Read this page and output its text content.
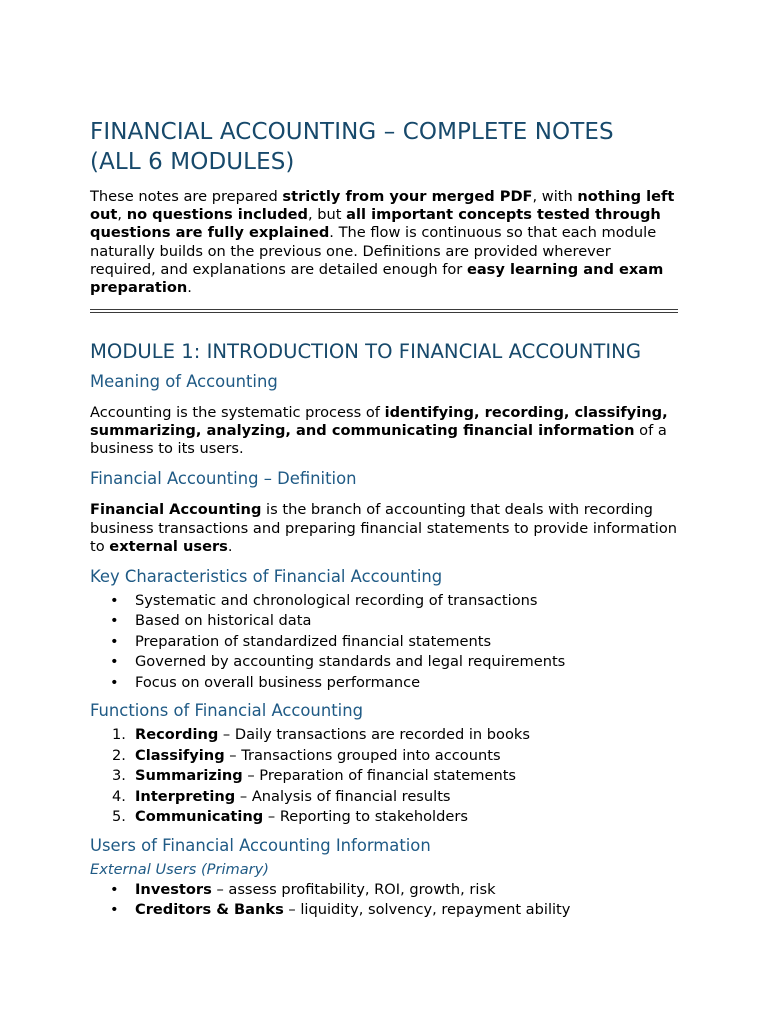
FINANCIAL ACCOUNTING – COMPLETE NOTES
(ALL 6 MODULES)

These notes are prepared strictly from your merged PDF, with nothing left out, no questions included, but all important concepts tested through questions are fully explained. The flow is continuous so that each module naturally builds on the previous one. Definitions are provided wherever required, and explanations are detailed enough for easy learning and exam preparation.

MODULE 1: INTRODUCTION TO FINANCIAL ACCOUNTING
Meaning of Accounting

Accounting is the systematic process of identifying, recording, classifying, summarizing, analyzing, and communicating financial information of a business to its users.

Financial Accounting – Definition

Financial Accounting is the branch of accounting that deals with recording business transactions and preparing financial statements to provide information to external users.

Key Characteristics of Financial Accounting
• Systematic and chronological recording of transactions
• Based on historical data
• Preparation of standardized financial statements
• Governed by accounting standards and legal requirements
• Focus on overall business performance
Functions of Financial Accounting
1. Recording – Daily transactions are recorded in books
2. Classifying – Transactions grouped into accounts
3. Summarizing – Preparation of financial statements
4. Interpreting – Analysis of financial results
5. Communicating – Reporting to stakeholders
Users of Financial Accounting Information
External Users (Primary)
• Investors – assess profitability, ROI, growth, risk
• Creditors & Banks – liquidity, solvency, repayment ability
